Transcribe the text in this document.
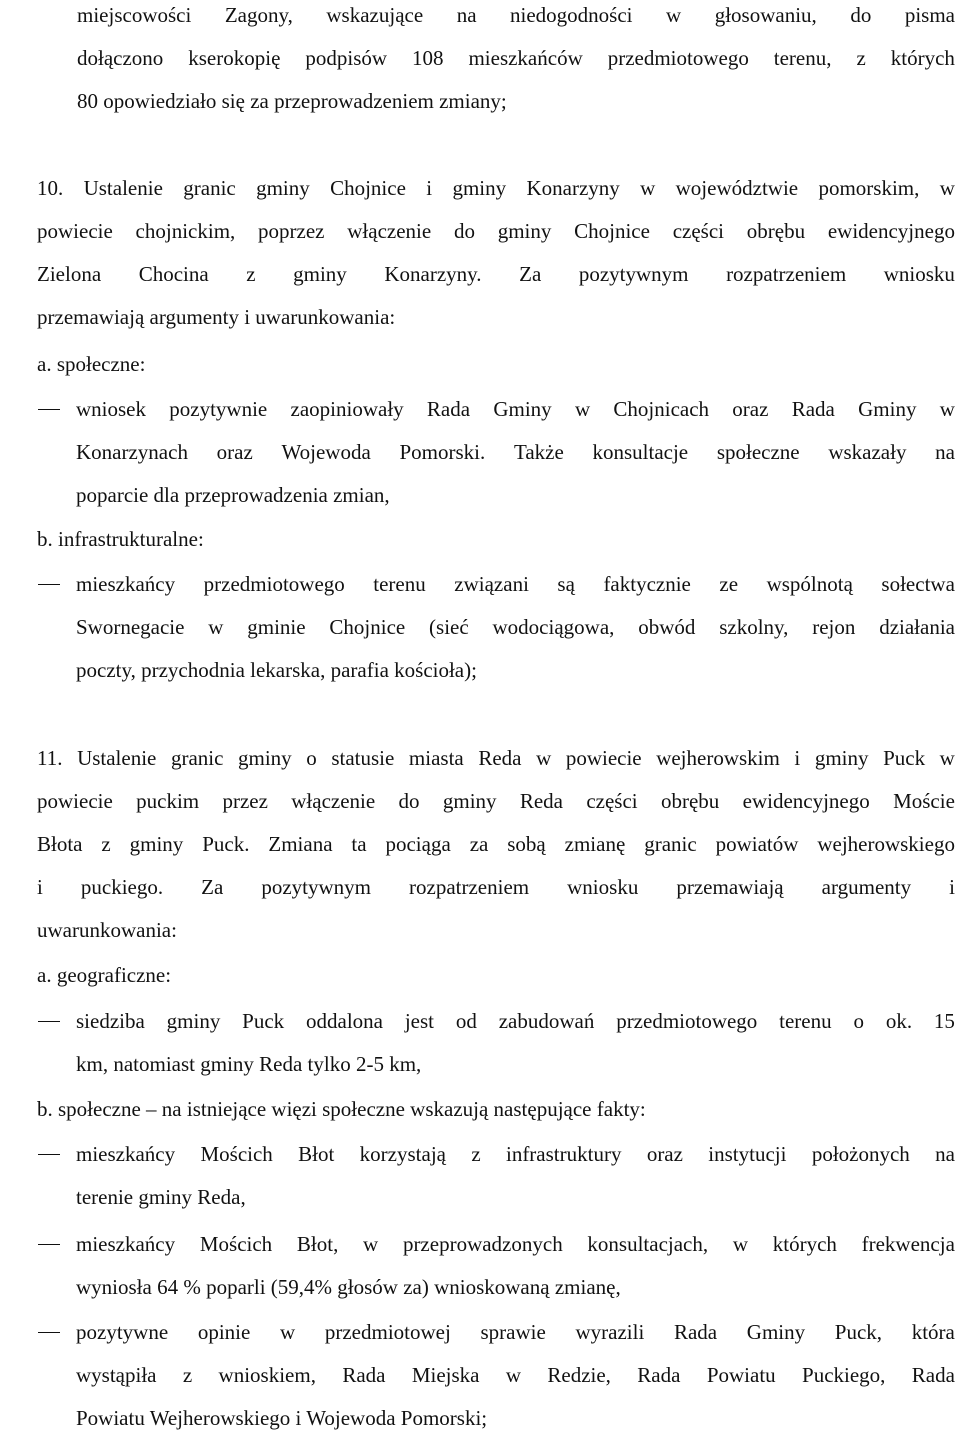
miejscowości Zagony, wskazujące na niedogodności w głosowaniu, do pisma
dołączono kserokopię podpisów 108 mieszkańców przedmiotowego terenu, z których
80 opowiedziało się za przeprowadzeniem zmiany;
10. Ustalenie granic gminy Chojnice i gminy Konarzyny w województwie pomorskim, w
powiecie chojnickim, poprzez włączenie do gminy Chojnice części obrębu ewidencyjnego
Zielona Chocina z gminy Konarzyny. Za pozytywnym rozpatrzeniem wniosku
przemawiają argumenty i uwarunkowania:
a. społeczne:
wniosek pozytywnie zaopiniowały Rada Gminy w Chojnicach oraz Rada Gminy w
Konarzynach oraz Wojewoda Pomorski. Także konsultacje społeczne wskazały na
poparcie dla przeprowadzenia zmian,
b. infrastrukturalne:
mieszkańcy przedmiotowego terenu związani są faktycznie ze wspólnotą sołectwa
Swornegacie w gminie Chojnice (sieć wodociągowa, obwód szkolny, rejon działania
poczty, przychodnia lekarska, parafia kościoła);
11. Ustalenie granic gminy o statusie miasta Reda w powiecie wejherowskim i gminy Puck w
powiecie puckim przez włączenie do gminy Reda części obrębu ewidencyjnego Moście
Błota z gminy Puck. Zmiana ta pociąga za sobą zmianę granic powiatów wejherowskiego
i puckiego. Za pozytywnym rozpatrzeniem wniosku przemawiają argumenty i
uwarunkowania:
a. geograficzne:
siedziba gminy Puck oddalona jest od zabudowań przedmiotowego terenu o ok. 15
km, natomiast gminy Reda tylko 2-5 km,
b. społeczne – na istniejące więzi społeczne wskazują następujące fakty:
mieszkańcy Mościch Błot korzystają z infrastruktury oraz instytucji położonych na
terenie gminy Reda,
mieszkańcy Mościch Błot, w przeprowadzonych konsultacjach, w których frekwencja
wyniosła 64 % poparli (59,4% głosów za) wnioskowaną zmianę,
pozytywne opinie w przedmiotowej sprawie wyrazili Rada Gminy Puck, która
wystąpiła z wnioskiem, Rada Miejska w Redzie, Rada Powiatu Puckiego, Rada
Powiatu Wejherowskiego i Wojewoda Pomorski;
